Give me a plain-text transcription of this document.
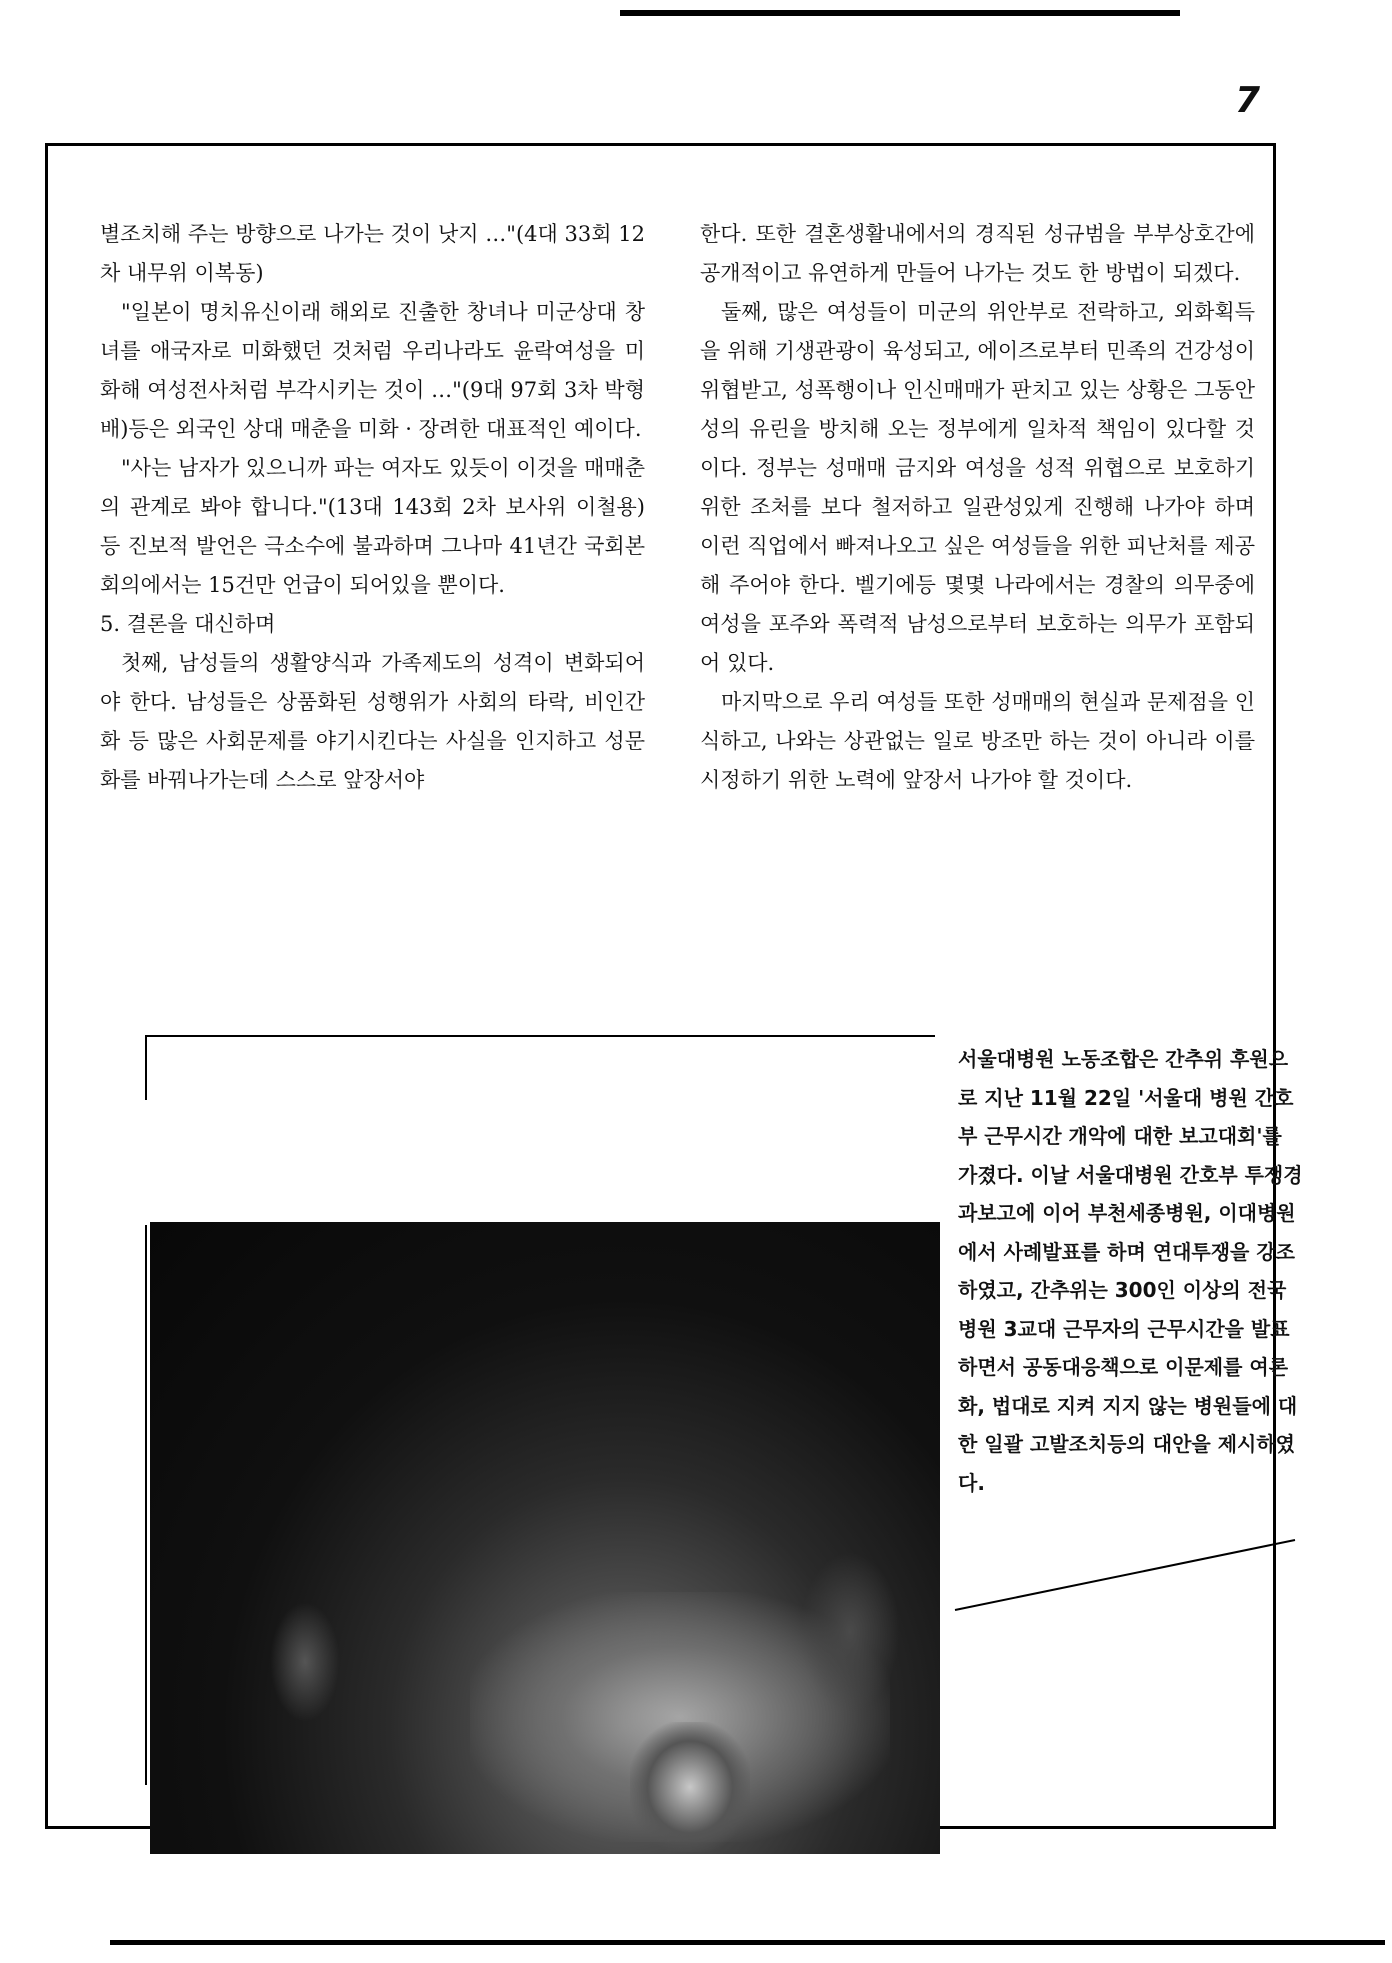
7

별조치해 주는 방향으로 나가는 것이 낫지 …"(4대 33회 12차 내무위 이복동)

"일본이 명치유신이래 해외로 진출한 창녀나 미군상대 창녀를 애국자로 미화했던 것처럼 우리나라도 윤락여성을 미화해 여성전사처럼 부각시키는 것이 …"(9대 97회 3차 박형배)등은 외국인 상대 매춘을 미화 · 장려한 대표적인 예이다.

"사는 남자가 있으니까 파는 여자도 있듯이 이것을 매매춘의 관계로 봐야 합니다."(13대 143회 2차 보사위 이철용)등 진보적 발언은 극소수에 불과하며 그나마 41년간 국회본회의에서는 15건만 언급이 되어있을 뿐이다.

5. 결론을 대신하며

첫째, 남성들의 생활양식과 가족제도의 성격이 변화되어야 한다. 남성들은 상품화된 성행위가 사회의 타락, 비인간화 등 많은 사회문제를 야기시킨다는 사실을 인지하고 성문화를 바꿔나가는데 스스로 앞장서야

한다. 또한 결혼생활내에서의 경직된 성규범을 부부상호간에 공개적이고 유연하게 만들어 나가는 것도 한 방법이 되겠다.

둘째, 많은 여성들이 미군의 위안부로 전락하고, 외화획득을 위해 기생관광이 육성되고, 에이즈로부터 민족의 건강성이 위협받고, 성폭행이나 인신매매가 판치고 있는 상황은 그동안 성의 유린을 방치해 오는 정부에게 일차적 책임이 있다할 것이다. 정부는 성매매 금지와 여성을 성적 위협으로 보호하기 위한 조처를 보다 철저하고 일관성있게 진행해 나가야 하며 이런 직업에서 빠져나오고 싶은 여성들을 위한 피난처를 제공해 주어야 한다. 벨기에등 몇몇 나라에서는 경찰의 의무중에 여성을 포주와 폭력적 남성으로부터 보호하는 의무가 포함되어 있다.

마지막으로 우리 여성들 또한 성매매의 현실과 문제점을 인식하고, 나와는 상관없는 일로 방조만 하는 것이 아니라 이를 시정하기 위한 노력에 앞장서 나가야 할 것이다.

서울대병원 노동조합은 간추위 후원으로 지난 11월 22일 '서울대 병원 간호부 근무시간 개악에 대한 보고대회'를 가졌다. 이날 서울대병원 간호부 투쟁경과보고에 이어 부천세종병원, 이대병원에서 사례발표를 하며 연대투쟁을 강조하였고, 간추위는 300인 이상의 전국병원 3교대 근무자의 근무시간을 발표하면서 공동대응책으로 이문제를 여론화, 법대로 지켜 지지 않는 병원들에 대한 일괄 고발조치등의 대안을 제시하였다.
